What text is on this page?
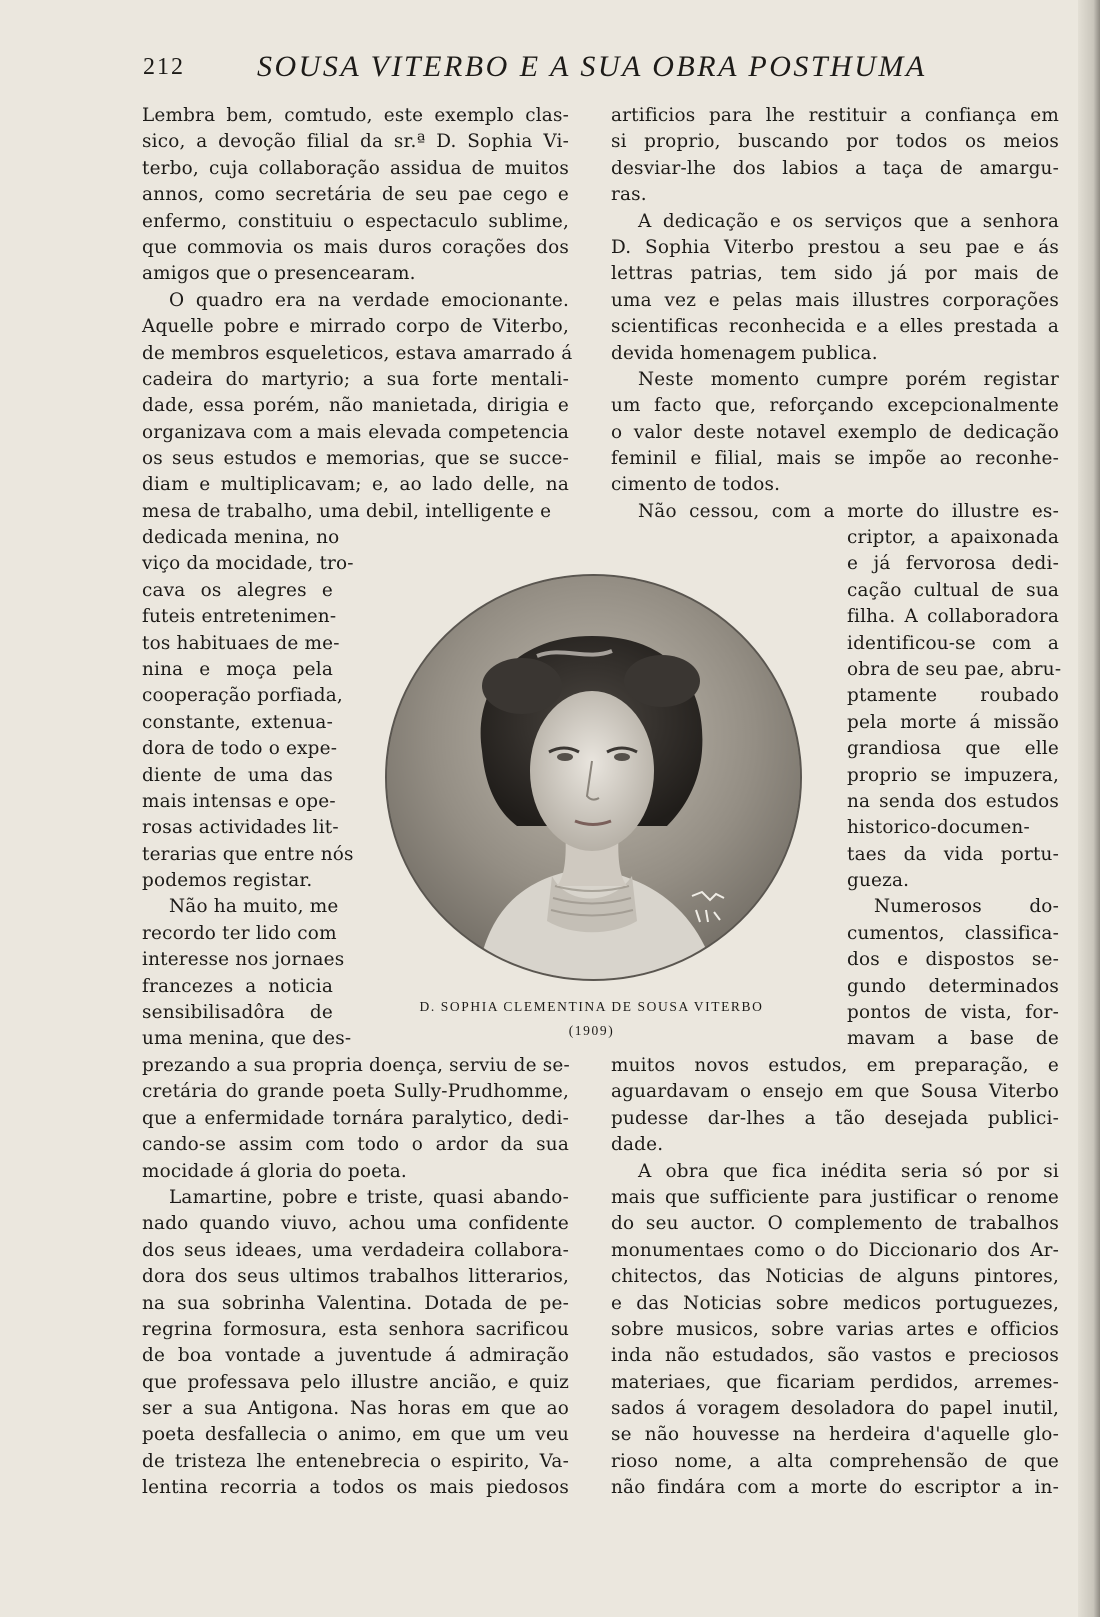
212 SOUSA VITERBO E A SUA OBRA POSTHUMA
Lembra bem, comtudo, este exemplo clas-
sico, a devoção filial da sr.ª D. Sophia Vi-
terbo, cuja collaboração assidua de muitos
annos, como secretária de seu pae cego e
enfermo, constituiu o espectaculo sublime,
que commovia os mais duros corações dos
amigos que o presencearam.
O quadro era na verdade emocionante.
Aquelle pobre e mirrado corpo de Viterbo,
de membros esqueleticos, estava amarrado á
cadeira do martyrio; a sua forte mentali-
dade, essa porém, não manietada, dirigia e
organizava com a mais elevada competencia
os seus estudos e memorias, que se succe-
diam e multiplicavam; e, ao lado delle, na
mesa de trabalho, uma debil, intelligente e
dedicada menina, no
viço da mocidade, tro-
cava os alegres e
futeis entretenimen-
tos habituaes de me-
nina e moça pela
cooperação porfiada,
constante, extenua-
dora de todo o expe-
diente de uma das
mais intensas e ope-
rosas actividades lit-
terarias que entre nós
podemos registar.
Não ha muito, me
recordo ter lido com
interesse nos jornaes
francezes a noticia
sensibilisadôra de
uma menina, que des-
prezando a sua propria doença, serviu de se-
cretária do grande poeta Sully-Prudhomme,
que a enfermidade tornára paralytico, dedi-
cando-se assim com todo o ardor da sua
mocidade á gloria do poeta.
Lamartine, pobre e triste, quasi abando-
nado quando viuvo, achou uma confidente
dos seus ideaes, uma verdadeira collabora-
dora dos seus ultimos trabalhos litterarios,
na sua sobrinha Valentina. Dotada de pe-
regrina formosura, esta senhora sacrificou
de boa vontade a juventude á admiração
que professava pelo illustre ancião, e quiz
ser a sua Antigona. Nas horas em que ao
poeta desfallecia o animo, em que um veu
de tristeza lhe entenebrecia o espirito, Va-
lentina recorria a todos os mais piedosos
artificios para lhe restituir a confiança em
si proprio, buscando por todos os meios
desviar-lhe dos labios a taça de amargu-
ras.
A dedicação e os serviços que a senhora
D. Sophia Viterbo prestou a seu pae e ás
lettras patrias, tem sido já por mais de
uma vez e pelas mais illustres corporações
scientificas reconhecida e a elles prestada a
devida homenagem publica.
Neste momento cumpre porém registar
um facto que, reforçando excepcionalmente
o valor deste notavel exemplo de dedicação
feminil e filial, mais se impõe ao reconhe-
cimento de todos.
Não cessou, com a morte do illustre es-
criptor, a apaixonada
e já fervorosa dedi-
cação cultual de sua
filha. A collaboradora
identificou-se com a
obra de seu pae, abru-
ptamente roubado
pela morte á missão
grandiosa que elle
proprio se impuzera,
na senda dos estudos
historico-documen-
taes da vida portu-
gueza.
Numerosos do-
cumentos, classifica-
dos e dispostos se-
gundo determinados
pontos de vista, for-
mavam a base de
muitos novos estudos, em preparação, e
aguardavam o ensejo em que Sousa Viterbo
pudesse dar-lhes a tão desejada publici-
dade.
A obra que fica inédita seria só por si
mais que sufficiente para justificar o renome
do seu auctor. O complemento de trabalhos
monumentaes como o do Diccionario dos Ar-
chitectos, das Noticias de alguns pintores,
e das Noticias sobre medicos portuguezes,
sobre musicos, sobre varias artes e officios
inda não estudados, são vastos e preciosos
materiaes, que ficariam perdidos, arremes-
sados á voragem desoladora do papel inutil,
se não houvesse na herdeira d'aquelle glo-
rioso nome, a alta comprehensão de que
não findára com a morte do escriptor a in-
D. SOPHIA CLEMENTINA DE SOUSA VITERBO
(1909)
